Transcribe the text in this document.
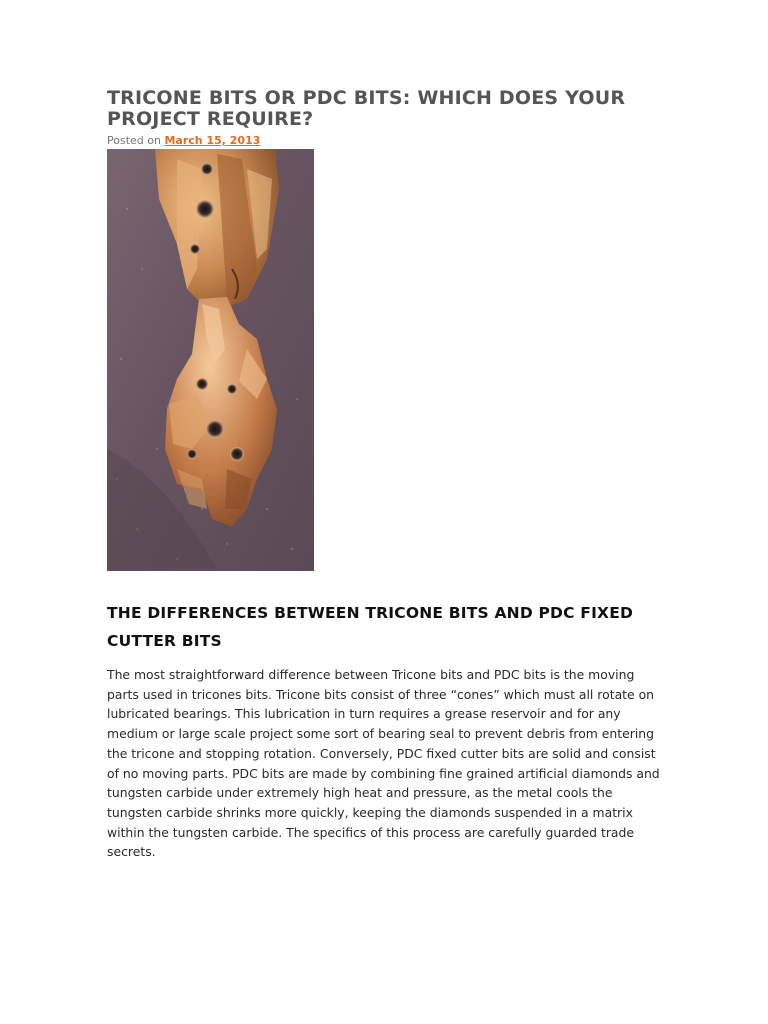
TRICONE BITS OR PDC BITS: WHICH DOES YOUR PROJECT REQUIRE?
Posted on March 15, 2013
THE DIFFERENCES BETWEEN TRICONE BITS AND PDC FIXED CUTTER BITS

The most straightforward difference between Tricone bits and PDC bits is the moving parts used in tricones bits. Tricone bits consist of three “cones” which must all rotate on lubricated bearings. This lubrication in turn requires a grease reservoir and for any medium or large scale project some sort of bearing seal to prevent debris from entering the tricone and stopping rotation. Conversely, PDC fixed cutter bits are solid and consist of no moving parts. PDC bits are made by combining fine grained artificial diamonds and tungsten carbide under extremely high heat and pressure, as the metal cools the tungsten carbide shrinks more quickly, keeping the diamonds suspended in a matrix within the tungsten carbide. The specifics of this process are carefully guarded trade secrets.
